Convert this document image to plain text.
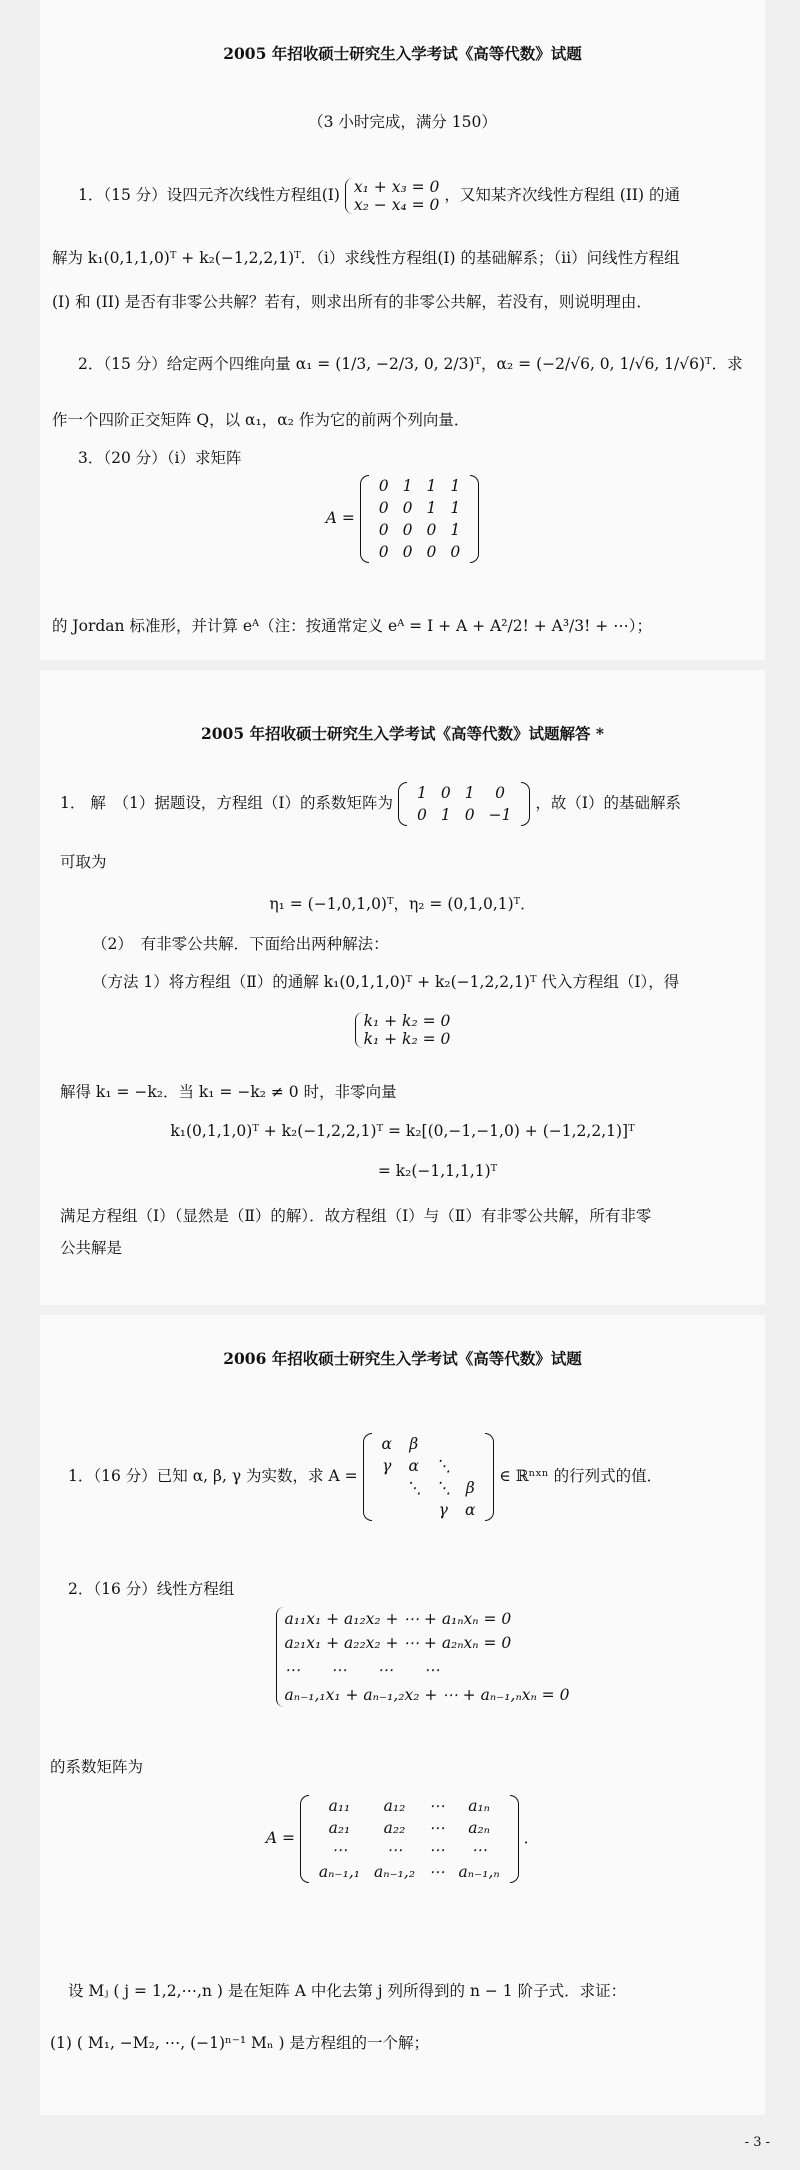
2005 年招收硕士研究生入学考试《高等代数》试题
（3 小时完成，满分 150）
1．（15 分）设四元齐次线性方程组(I) x₁ + x₃ = 0
x₂ − x₄ = 0
，又知某齐次线性方程组 (II) 的通
解为 k₁(0,1,1,0)ᵀ + k₂(−1,2,2,1)ᵀ．（ⅰ）求线性方程组(I) 的基础解系；（ⅱ）问线性方程组
(I) 和 (II) 是否有非零公共解？若有，则求出所有的非零公共解，若没有，则说明理由．
2．（15 分）给定两个四维向量 α₁ = (1/3, −2/3, 0, 2/3)ᵀ，α₂ = (−2/√6, 0, 1/√6, 1/√6)ᵀ．求
作一个四阶正交矩阵 Q，以 α₁，α₂ 作为它的前两个列向量．
3．（20 分）（ⅰ）求矩阵
A =
0	1	1	1
0	0	1	1
0	0	0	1
0	0	0	0
的 Jordan 标准形，并计算 eᴬ（注：按通常定义 eᴬ = I + A + A²/2! + A³/3! + ⋯）；
2005 年招收硕士研究生入学考试《高等代数》试题解答 *
1． 解　（1）据题设，方程组（Ⅰ）的系数矩阵为
1	0	1	0
0	1	0	−1
，故（Ⅰ）的基础解系
可取为
η₁ = (−1,0,1,0)ᵀ，η₂ = (0,1,0,1)ᵀ．
（2）　有非零公共解．下面给出两种解法：
（方法 1）将方程组（Ⅱ）的通解 k₁(0,1,1,0)ᵀ + k₂(−1,2,2,1)ᵀ 代入方程组（Ⅰ），得
k₁ + k₂ = 0
k₁ + k₂ = 0
解得 k₁ = −k₂．当 k₁ = −k₂ ≠ 0 时，非零向量
k₁(0,1,1,0)ᵀ + k₂(−1,2,2,1)ᵀ = k₂[(0,−1,−1,0) + (−1,2,2,1)]ᵀ
= k₂(−1,1,1,1)ᵀ
满足方程组（Ⅰ）（显然是（Ⅱ）的解）．故方程组（Ⅰ）与（Ⅱ）有非零公共解，所有非零
公共解是
2006 年招收硕士研究生入学考试《高等代数》试题
1．（16 分）已知 α, β, γ 为实数，求 A =
α	β		
γ	α	⋱	
	⋱	⋱	β
		γ	α
∈ ℝⁿˣⁿ 的行列式的值．
2．（16 分）线性方程组
a₁₁x₁ + a₁₂x₂ + ⋯ + a₁ₙxₙ = 0
a₂₁x₁ + a₂₂x₂ + ⋯ + a₂ₙxₙ = 0
⋯　　⋯　　⋯　　⋯
aₙ₋₁,₁x₁ + aₙ₋₁,₂x₂ + ⋯ + aₙ₋₁,ₙxₙ = 0
的系数矩阵为
A =
a₁₁	a₁₂	⋯	a₁ₙ
a₂₁	a₂₂	⋯	a₂ₙ
⋯	⋯	⋯	⋯
aₙ₋₁,₁	aₙ₋₁,₂	⋯	aₙ₋₁,ₙ
．
设 Mⱼ ( j = 1,2,⋯,n ) 是在矩阵 A 中化去第 j 列所得到的 n − 1 阶子式．求证：
(1) ( M₁, −M₂, ⋯, (−1)ⁿ⁻¹ Mₙ ) 是方程组的一个解；
- 3 -
